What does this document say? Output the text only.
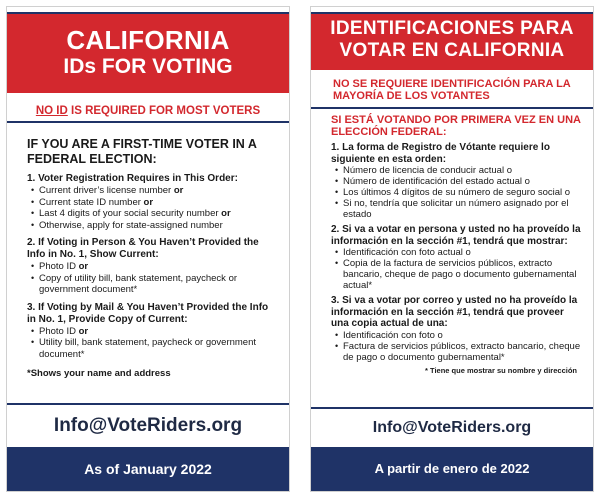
CALIFORNIA
IDs FOR VOTING
NO ID IS REQUIRED FOR MOST VOTERS
IF YOU ARE A FIRST-TIME VOTER IN A FEDERAL ELECTION:
1. Voter Registration Requires in This Order:
• Current driver’s license number or
• Current state ID number or
• Last 4 digits of your social security number or
• Otherwise, apply for state-assigned number
2. If Voting in Person & You Haven’t Provided the Info in No. 1, Show Current:
• Photo ID or
• Copy of utility bill, bank statement, paycheck or government document*
3. If Voting by Mail & You Haven’t Provided the Info in No. 1, Provide Copy of Current:
• Photo ID or
• Utility bill, bank statement, paycheck or government document*
*Shows your name and address
Info@VoteRiders.org
As of January 2022
IDENTIFICACIONES PARA
VOTAR EN CALIFORNIA
NO SE REQUIERE IDENTIFICACIÓN PARA LA MAYORÍA DE LOS VOTANTES
SI ESTÁ VOTANDO POR PRIMERA VEZ EN UNA ELECCIÓN FEDERAL:
1. La forma de Registro de Vótante requiere lo siguiente en esta orden:
• Número de licencia de conducir actual o
• Número de identificación del estado actual o
• Los últimos 4 dígitos de su número de seguro social o
• Si no, tendría que solicitar un número asignado por el estado
2. Si va a votar en persona y usted no ha proveído la información en la sección #1, tendrá que mostrar:
• Identificación con foto actual o
• Copia de la factura de servicios públicos, extracto bancario, cheque de pago o documento gubernamental actual*
3. Si va a votar por correo y usted no ha proveído la información en la sección #1, tendrá que proveer una copia actual de una:
• Identificación con foto o
• Factura de servicios públicos, extracto bancario, cheque de pago o documento gubernamental*
* Tiene que mostrar su nombre y dirección
Info@VoteRiders.org
A partir de enero de 2022
